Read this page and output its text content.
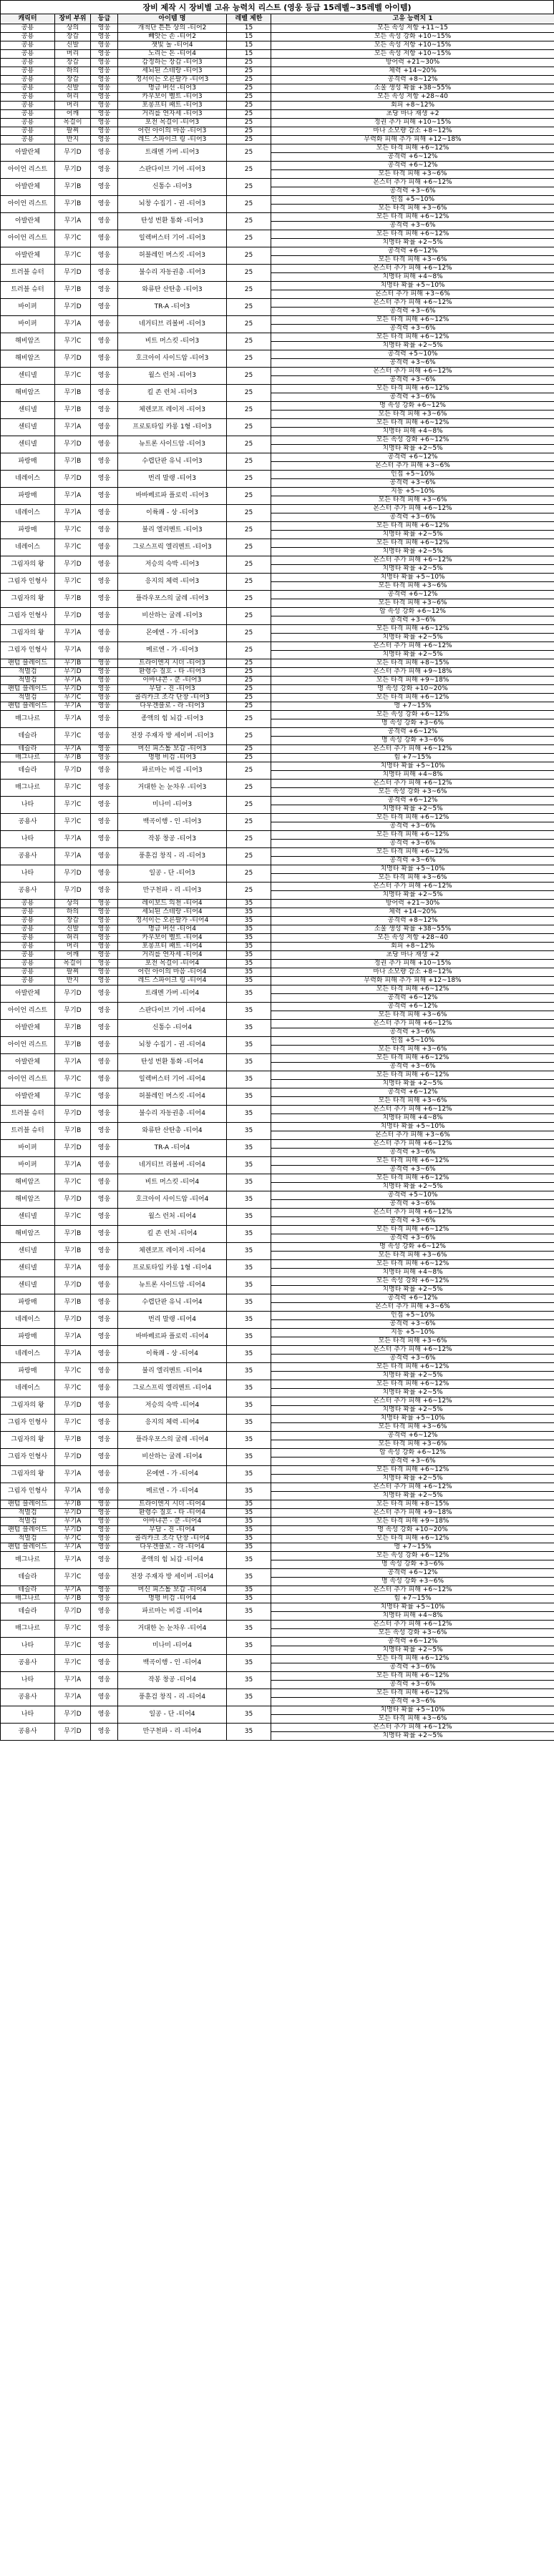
장비 제작 시 장비별 고유 능력치 리스트 (영웅 등급 15레벨~35레벨 아이템)
캐릭터	장비 부위	등급	아이템 명	레벨 제한	고유 능력치 1
공용	상의	영웅	개척단 튼튼 상의 -티어2	15	모든 속성 저항 +11~15
공용	장갑	영웅	빼앗는 손 -티어2	15	모든 속성 강화 +10~15%
공용	신발	영웅	잿빛 돌 -티어4	15	모든 속성 저항 +10~15%
공용	머리	영웅	노리는 돈 -티어4	15	모든 속성 저항 +10~15%
공용	장갑	영웅	감정하는 장갑 -티어3	25	방어력 +21~30%
공용	하의	영웅	세뇌된 스테랑 -티어3	25	체력 +14~20%
공용	장갑	영웅	정서이는 오른팔가 -티어3	25	공격력 +8~12%
공용	신발	영웅	명금 버선 -티어3	25	소울 생성 확률 +38~55%
공용	허리	영웅	카우보이 벨트 -티어3	25	모든 속성 저항 +28~40
공용	머리	영웅	포롱프티 패트 -티어3	25	회피 +8~12%
공용	어깨	영웅	거리를 연자세 -티어3	25	초당 마나 재생 +2
공용	목걸이	영웅	포전 목걸이 -티어3	25	정권 추가 피해 +10~15%
공용	팔찌	영웅	어린 아이의 마음 -티어3	25	마나 소모량 감소 +8~12%
공용	반지	영웅	레드 스파이크 링 -티어3	25	무력화 피해 추가 피해 +12~18%
아발란체	무기D	영웅	트래멘 가버 -티어3	25	모든 타격 피해 +6~12%
					공격력 +6~12%
아이언 리스트	무기D	영웅	스판다이브 기어 -티어3	25	공격력 +6~12%
					모든 타격 피해 +3~6%
아발란체	무기B	영웅	신통수 -티어3	25	몬스터 추가 피해 +6~12%
					공격력 +3~6%
아이언 리스트	무기B	영웅	뇌창 수집기 - 권 -티어3	25	인접 +5~10%
					모든 타격 피해 +3~6%
아발란체	무기A	영웅	탄성 번환 통화 -티어3	25	모든 타격 피해 +6~12%
					공격력 +3~6%
아이언 리스트	무기C	영웅	일렉버스터 기어 -티어3	25	모든 타격 피해 +6~12%
					치명타 확률 +2~5%
아발란체	무기C	영웅	허블레인 머스킷 -티어3	25	공격력 +6~12%
					모든 타격 피해 +3~6%
트러블 슈터	무기D	영웅	불수리 자동권총 -티어3	25	몬스터 추가 피해 +6~12%
					치명타 피해 +4~8%
트러블 슈터	무기B	영웅	와류탄 산탄총 -티어3	25	치명타 확률 +5~10%
					몬스터 추가 피해 +3~6%
바이퍼	무기D	영웅	TR-A -티어3	25	몬스터 추가 피해 +6~12%
					공격력 +3~6%
바이퍼	무기A	영웅	네거티브 리볼버 -티어3	25	모든 타격 피해 +6~12%
					공격력 +3~6%
해비암즈	무기C	영웅	비트 머스킷 -티어3	25	모든 타격 피해 +6~12%
					치명타 확률 +2~5%
해비암즈	무기D	영웅	호크아이 사이드암 -티어3	25	공격력 +5~10%
					공격력 +3~6%
센티넬	무기C	영웅	월스 런처 -티어3	25	몬스터 추가 피해 +6~12%
					공격력 +3~6%
해비암즈	무기B	영웅	킬 존 런처 -티어3	25	모든 타격 피해 +6~12%
					공격력 +3~6%
센티넬	무기B	영웅	체렌코프 레이저 -티어3	25	명 속성 강화 +6~12%
					모든 타격 피해 +3~6%
센티넬	무기A	영웅	프로토타입 카롱 1형 -티어3	25	모든 타격 피해 +6~12%
					치명타 피해 +4~8%
센티넬	무기D	영웅	뉴트론 사이드암 -티어3	25	모든 속성 강화 +6~12%
					치명타 확률 +2~5%
파랑매	무기B	영웅	수렵단판 유닉 -티어3	25	공격력 +6~12%
					몬스터 추가 피해 +3~6%
네레이스	무기D	영웅	번리 말랭 -티어3	25	인접 +5~10%
					공격력 +3~6%
파랑매	무기A	영웅	바바베르파 플로럭 -티어3	25	지동 +5~10%
					모든 타격 피해 +3~6%
네레이스	무기A	영웅	이륙쾌 - 상 -티어3	25	몬스터 추가 피해 +6~12%
					공격력 +3~6%
파랑매	무기C	영웅	불리 엘리멘트 -티어3	25	모든 타격 피해 +6~12%
					치명타 확률 +2~5%
네레이스	무기C	영웅	그로스프릭 엘리멘트 -티어3	25	모든 타격 피해 +6~12%
					치명타 확률 +2~5%
그림자의 왕	무기D	영웅	저승의 숙박 -티어3	25	몬스터 추가 피해 +6~12%
					치명타 확률 +2~5%
그림자 인형사	무기C	영웅	응지의 체력 -티어3	25	치명타 확률 +5~10%
					모든 타격 피해 +3~6%
그림자의 왕	무기B	영웅	플라우포스의 굴레 -티어3	25	공격력 +6~12%
					모든 타격 피해 +3~6%
그림자 인형사	무기D	영웅	비산하는 굴레 -티어3	25	암 속성 강화 +6~12%
					공격력 +3~6%
그림자의 왕	무기A	영웅	몬에엔 - 가 -티어3	25	모든 타격 피해 +6~12%
					치명타 확률 +2~5%
그림자 인형사	무기A	영웅	메르엔 - 가 -티어3	25	몬스터 추가 피해 +6~12%
					치명타 확률 +2~5%
팬텀 블레이드	무기B	영웅	트라이엔지 시더 -티어3	25	모든 타격 피해 +8~15%
적멸검	무기D	영웅	환령수 질호 - 타 -티어3	25	몬스터 추가 피해 +9~18%
적멸검	무기A	영웅	아바냐콘 - 쿤 -티어3	25	모든 타격 피해 +9~18%
팬텀 블레이드	무기D	영웅	무담 - 진 -티어3	25	명 속성 강화 +10~20%
적멸검	무기C	영웅	콜리카크 조각 단창 -티어3	25	모든 타격 피해 +6~12%
팬텀 블레이드	무기A	영웅	다우겐블로 - 라 -티어3	25	명 +7~15%
매그나르	무기A	영웅	종액의 힘 뇌갑 -티어3	25	모든 속성 강화 +6~12%
					명 속성 강화 +3~6%
테슬라	무기C	영웅	전장 주재자 방 세이버 -티어3	25	공격력 +6~12%
					명 속성 강화 +3~6%
테슬라	무기A	영웅	머신 피스톨 보갑 -티어3	25	몬스터 추가 피해 +6~12%
매그나르	무기B	영웅	명평 비검 -티어3	25	힘 +7~15%
테슬라	무기D	영웅	파르마는 비검 -티어3	25	치명타 확률 +5~10%
					치명타 피해 +4~8%
매그나르	무기C	영웅	거대한 논 눈차우 -티어3	25	몬스터 추가 피해 +6~12%
					모든 속성 강화 +3~6%
나타	무기C	영웅	미나미 -티어3	25	공격력 +6~12%
					치명타 확률 +2~5%
공용사	무기C	영웅	백곡이행 - 인 -티어3	25	모든 타격 피해 +6~12%
					공격력 +3~6%
나타	무기A	영웅	작봉 창공 -티어3	25	모든 타격 피해 +6~12%
					공격력 +3~6%
공용사	무기A	영웅	풍훈검 창직 - 리 -티어3	25	모든 타격 피해 +6~12%
					공격력 +3~6%
나타	무기D	영웅	일공 - 단 -티어3	25	치명타 확률 +5~10%
					모든 타격 피해 +3~6%
공용사	무기D	영웅	만구천파 - 리 -티어3	25	몬스터 추가 피해 +6~12%
					치명타 확률 +2~5%
공용	상의	영웅	레이보드 의천 -티어4	35	방어력 +21~30%
공용	하의	영웅	세뇌된 스테랑 -티어4	35	체력 +14~20%
공용	장갑	영웅	정서이는 오른팔가 -티어4	35	공격력 +8~12%
공용	신발	영웅	명금 버선 -티어4	35	소울 생성 확률 +38~55%
공용	허리	영웅	카우보이 벨트 -티어4	35	모든 속성 저항 +28~40
공용	머리	영웅	포롱프티 패트 -티어4	35	회피 +8~12%
공용	어깨	영웅	거리를 연자세 -티어4	35	초당 마나 재생 +2
공용	목걸이	영웅	포전 목걸이 -티어4	35	정권 추가 피해 +10~15%
공용	팔찌	영웅	어린 아이의 마음 -티어4	35	마나 소모량 감소 +8~12%
공용	반지	영웅	레드 스파이크 링 -티어4	35	무력화 피해 추가 피해 +12~18%
아발란체	무기D	영웅	트래멘 가버 -티어4	35	모든 타격 피해 +6~12%
					공격력 +6~12%
아이언 리스트	무기D	영웅	스판다이브 기어 -티어4	35	공격력 +6~12%
					모든 타격 피해 +3~6%
아발란체	무기B	영웅	신통수 -티어4	35	몬스터 추가 피해 +6~12%
					공격력 +3~6%
아이언 리스트	무기B	영웅	뇌창 수집기 - 권 -티어4	35	인접 +5~10%
					모든 타격 피해 +3~6%
아발란체	무기A	영웅	탄성 번환 통화 -티어4	35	모든 타격 피해 +6~12%
					공격력 +3~6%
아이언 리스트	무기C	영웅	일렉버스터 기어 -티어4	35	모든 타격 피해 +6~12%
					치명타 확률 +2~5%
아발란체	무기C	영웅	허블레인 머스킷 -티어4	35	공격력 +6~12%
					모든 타격 피해 +3~6%
트러블 슈터	무기D	영웅	불수리 자동권총 -티어4	35	몬스터 추가 피해 +6~12%
					치명타 피해 +4~8%
트러블 슈터	무기B	영웅	와류탄 산탄총 -티어4	35	치명타 확률 +5~10%
					몬스터 추가 피해 +3~6%
바이퍼	무기D	영웅	TR-A -티어4	35	몬스터 추가 피해 +6~12%
					공격력 +3~6%
바이퍼	무기A	영웅	네거티브 리볼버 -티어4	35	모든 타격 피해 +6~12%
					공격력 +3~6%
해비암즈	무기C	영웅	비트 머스킷 -티어4	35	모든 타격 피해 +6~12%
					치명타 확률 +2~5%
해비암즈	무기D	영웅	호크아이 사이드암 -티어4	35	공격력 +5~10%
					공격력 +3~6%
센티넬	무기C	영웅	월스 런처 -티어4	35	몬스터 추가 피해 +6~12%
					공격력 +3~6%
해비암즈	무기B	영웅	킬 존 런처 -티어4	35	모든 타격 피해 +6~12%
					공격력 +3~6%
센티넬	무기B	영웅	체렌코프 레이저 -티어4	35	명 속성 강화 +6~12%
					모든 타격 피해 +3~6%
센티넬	무기A	영웅	프로토타입 카롱 1형 -티어4	35	모든 타격 피해 +6~12%
					치명타 피해 +4~8%
센티넬	무기D	영웅	뉴트론 사이드암 -티어4	35	모든 속성 강화 +6~12%
					치명타 확률 +2~5%
파랑매	무기B	영웅	수렵단판 유닉 -티어4	35	공격력 +6~12%
					몬스터 추가 피해 +3~6%
네레이스	무기D	영웅	번리 말랭 -티어4	35	인접 +5~10%
					공격력 +3~6%
파랑매	무기A	영웅	바바베르파 플로럭 -티어4	35	지동 +5~10%
					모든 타격 피해 +3~6%
네레이스	무기A	영웅	이륙쾌 - 상 -티어4	35	몬스터 추가 피해 +6~12%
					공격력 +3~6%
파랑매	무기C	영웅	불리 엘리멘트 -티어4	35	모든 타격 피해 +6~12%
					치명타 확률 +2~5%
네레이스	무기C	영웅	그로스프릭 엘리멘트 -티어4	35	모든 타격 피해 +6~12%
					치명타 확률 +2~5%
그림자의 왕	무기D	영웅	저승의 숙박 -티어4	35	몬스터 추가 피해 +6~12%
					치명타 확률 +2~5%
그림자 인형사	무기C	영웅	응지의 체력 -티어4	35	치명타 확률 +5~10%
					모든 타격 피해 +3~6%
그림자의 왕	무기B	영웅	플라우포스의 굴레 -티어4	35	공격력 +6~12%
					모든 타격 피해 +3~6%
그림자 인형사	무기D	영웅	비산하는 굴레 -티어4	35	암 속성 강화 +6~12%
					공격력 +3~6%
그림자의 왕	무기A	영웅	몬에엔 - 가 -티어4	35	모든 타격 피해 +6~12%
					치명타 확률 +2~5%
그림자 인형사	무기A	영웅	메르엔 - 가 -티어4	35	몬스터 추가 피해 +6~12%
					치명타 확률 +2~5%
팬텀 블레이드	무기B	영웅	트라이엔지 시더 -티어4	35	모든 타격 피해 +8~15%
적멸검	무기D	영웅	환령수 질호 - 타 -티어4	35	몬스터 추가 피해 +9~18%
적멸검	무기A	영웅	아바냐콘 - 쿤 -티어4	35	모든 타격 피해 +9~18%
팬텀 블레이드	무기D	영웅	무담 - 진 -티어4	35	명 속성 강화 +10~20%
적멸검	무기C	영웅	콜리카크 조각 단창 -티어4	35	모든 타격 피해 +6~12%
팬텀 블레이드	무기A	영웅	다우겐블로 - 라 -티어4	35	명 +7~15%
매그나르	무기A	영웅	종액의 힘 뇌갑 -티어4	35	모든 속성 강화 +6~12%
					명 속성 강화 +3~6%
테슬라	무기C	영웅	전장 주재자 방 세이버 -티어4	35	공격력 +6~12%
					명 속성 강화 +3~6%
테슬라	무기A	영웅	머신 피스톨 보갑 -티어4	35	몬스터 추가 피해 +6~12%
매그나르	무기B	영웅	명평 비검 -티어4	35	힘 +7~15%
테슬라	무기D	영웅	파르마는 비검 -티어4	35	치명타 확률 +5~10%
					치명타 피해 +4~8%
매그나르	무기C	영웅	거대한 논 눈차우 -티어4	35	몬스터 추가 피해 +6~12%
					모든 속성 강화 +3~6%
나타	무기C	영웅	미나미 -티어4	35	공격력 +6~12%
					치명타 확률 +2~5%
공용사	무기C	영웅	백곡이행 - 인 -티어4	35	모든 타격 피해 +6~12%
					공격력 +3~6%
나타	무기A	영웅	작봉 창공 -티어4	35	모든 타격 피해 +6~12%
					공격력 +3~6%
공용사	무기A	영웅	풍훈검 창직 - 리 -티어4	35	모든 타격 피해 +6~12%
					공격력 +3~6%
나타	무기D	영웅	일공 - 단 -티어4	35	치명타 확률 +5~10%
					모든 타격 피해 +3~6%
공용사	무기D	영웅	만구천파 - 리 -티어4	35	몬스터 추가 피해 +6~12%
					치명타 확률 +2~5%
